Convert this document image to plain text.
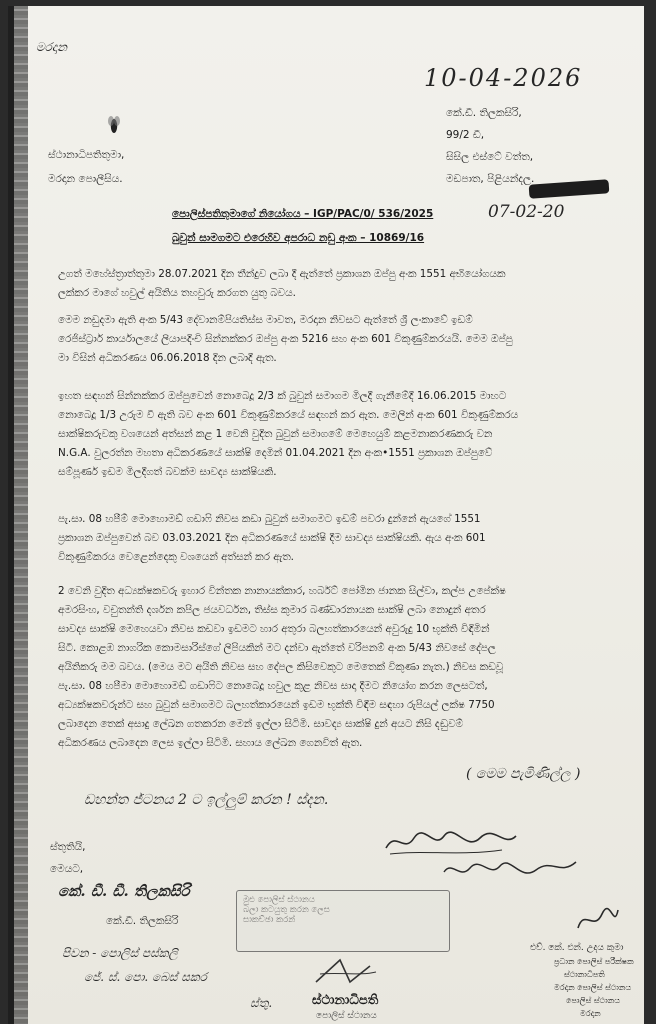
මරදාන
10-04-2026
කේ.ඩී. තිලකසිරි,
99/2 ඩී,
සිසිල එස්ටේ වත්ත,
මඩපාත, පිළියන්දල.
ස්ථානාධිපතිතුමා,
මරදාන පොලීසිය.
පොලිස්පතිතුමාගේ නියෝගය – IGP/PAC/0/ 536/2025	07-02-20
බුවුන් සාමගමට එරෙහිව අපරාධ නඩු අංක – 10869/16
උගත් මහේස්ත්‍රාත්තුමා 28.07.2021 දින තීන්දුව ලබා දී ඇත්තේ ප්‍රකාශන ඔප්පු අංක 1551 අභියෝගයක
ලක්කර මාගේ හවුල් අයිතිය තහවුරු කරගත යුතු බවය.
මෙම නඩුදමා ඇති අංක 5/43 දේවානම්පියතිස්ස මාවත, මරදාන නිවසට ඇත්තේ ශ්‍රී ලංකාවේ ඉඩම්
රෙජිස්ට්‍රාර් කාර්යාලයේ ලියාපදිංචි සින්නක්කර ඔප්පු අංක 5216 සහ අංක 601 විකුණුම්කරයයි. මෙම ඔප්පු
මා විසින් අධිකරණය 06.06.2018 දින ලබාදී ඇත.
ඉහත සඳහන් සින්නක්කර ඔප්පුවෙන් නොබෙදූ 2/3 ක් බුවුන් සමාගම මිලදී ගැනීමේදී 16.06.2015 මාහට
නොබෙදූ 1/3 උරුම වී ඇති බව අංක 601 විකුණුම්කරයේ සඳහන් කර ඇත. මෙලින් අංක 601 විකුණුම්කරය
සාක්ෂිකරුවකු වශයෙන් අත්සන් කළ 1 වෙනි වුදිත බුවුන් සමාගමේ මෙහෙයුම් කළමනාකරණකරු වන
N.G.A. වුලරත්න මහතා අධිකරණයේ සාක්ෂි දෙමින් 01.04.2021 දින අංක•1551 ප්‍රකාශන ඔප්පුවේ
සම්පූර්ණ ඉඩම මිලදීගත් බවක්ම සාවද්‍ය සාක්ෂියකි.
පැ.සා. 08 හපීම් මොහොමඩ් ගඩාෆි නිවස කඩා බුවුන් සමාගමට ඉඩම් පවරා දුන්නේ ඇයගේ 1551
ප්‍රකාශන ඔප්පුවෙන් බව 03.03.2021 දින අධිකරණයේ සාක්ෂි දීම සාවද්‍ය සාක්ෂියකි. ඇය අංක 601
විකුණුම්කරය වෙළෙන්දෙකු වශයෙන් අත්සන් කර ඇත.
2 වෙනි වුදිත අධ්‍යක්ෂකවරු ඉහාර වින්තක නානායක්කාර, හර්බට් පෝමින ජානක සිල්වා, කල්ප උපේක්ෂ
අමරසිංහ, වචුතන්ති දර්ශන කපිල ජයවර්ධන, තිස්ස කුමාර බණ්ඩාරනායක සාක්ෂි ලබා නොදුන් අතර
සාවද්‍ය සාක්ෂි මෙහෙයවා නිවස කඩවා ඉඩමට හාර අතුරා බලහත්කාරයෙන් අවුරුදු 10 භුක්ති විඳිමින්
සිටී. කොළඹ නාගරික කොමසාරිස්ගේ ලිපියකින් මට දන්වා ඇත්තේ වරිපනම් අංක 5/43 නිවසේ දේපල
අයිතිකරු මම බවය. (මෙය මට අයිති නිවස සහ දේපල කිසිවෙකුට මෙතෙක් විකුණා නැත.) නිවස කඩවූ
පැ.සා. 08 හපීමා මොහොමඩ් ගඩාෆිට නොබෙදූ හවුල කුළ නිවස සාදා දීමට නියෝග කරන ලෙසටත්,
අධ්‍යක්ෂකවරුන්ට සහ බුවුන් සමාගමට බලහත්කාරයෙන් ඉඩම භුක්ති විඳීම සඳහා රුපියල් ලක්ෂ 7750
ලබාදෙන තෙක් අසාදු ලේඛන ගතකරන මෙන් ඉල්ලා සිටිමි. සාවද්‍ය සාක්ෂි දුන් අයට නිසි දඬුවම්
අධිකරණය ලබාදෙන ලෙස ඉල්ලා සිටිමි. සහාය ලේඛන ගෙනවිත් ඇත.
( මෙම පැමිණිල්ල )
ඩහන්ත ජ්ටනය 2 ට ඉල්ලුම් කරන ! ස්දන.
ස්තුතියි,
මෙයට,
කේ. ඩී. ඩී. තිලකසිරි
කේ.ඩී. තිලකසිරි
පිවන - පොලිස් පස්කලි
ජේ. ස්. පො. බෙස් සකර
ස්තු.
මුළු පොලිස් ස්ථානය
බලා කටයුතු කරන ලෙස
සාකච්ඡා කරන්
ස්ථානාධිපති
පොලිස් ස්ථානය
එච්. කේ. එන්. උදය කුමා
ප්‍රධාන පොලිස් පරීක්ෂක
ස්ථානාධිපති
මරදාන පොලිස් ස්ථානය
පොලිස් ස්ථානය
මරදාන
